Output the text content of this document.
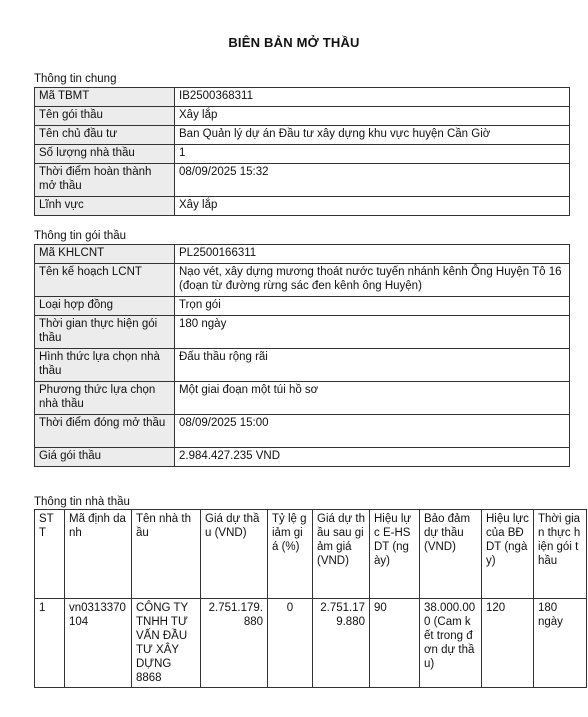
BIÊN BẢN MỞ THẦU
Thông tin chung
Mã TBMT	IB2500368311
Tên gói thầu	Xây lắp
Tên chủ đầu tư	Ban Quản lý dự án Đầu tư xây dựng khu vực huyện Cần Giờ
Số lượng nhà thầu	1
Thời điểm hoàn thành mở thầu	08/09/2025 15:32
Lĩnh vực	Xây lắp
Thông tin gói thầu
Mã KHLCNT	PL2500166311
Tên kế hoạch LCNT	Nạo vét, xây dựng mương thoát nước tuyến nhánh kênh Ông Huyện Tô 16 (đoạn từ đường rừng sác đen kênh ông Huyện)
Loại hợp đồng	Trọn gói
Thời gian thực hiện gói thầu	180 ngày
Hình thức lựa chọn nhà thầu	Đấu thầu rộng rãi
Phương thức lựa chọn nhà thầu	Một giai đoạn một túi hồ sơ
Thời điểm đóng mở thầu	08/09/2025 15:00
Giá gói thầu	2.984.427.235 VND
Thông tin nhà thầu
STT	Mã định danh	Tên nhà thầu	Giá dự thầu (VND)	Tỷ lệ giảm giá (%)	Giá dự thầu sau giảm giá (VND)	Hiệu lực E-HSDT (ngày)	Bảo đảm dự thầu (VND)	Hiệu lực của BĐ DT (ngày)	Thời gian thực hiện gói thầu
1	vn0313370104	CÔNG TY TNHH TƯ VẤN ĐẦU TƯ XÂY DỰNG 8868	2.751.179.880	0	2.751.179.880	90	38.000.000 (Cam kết trong đơn dự thầu)	120	180 ngày
